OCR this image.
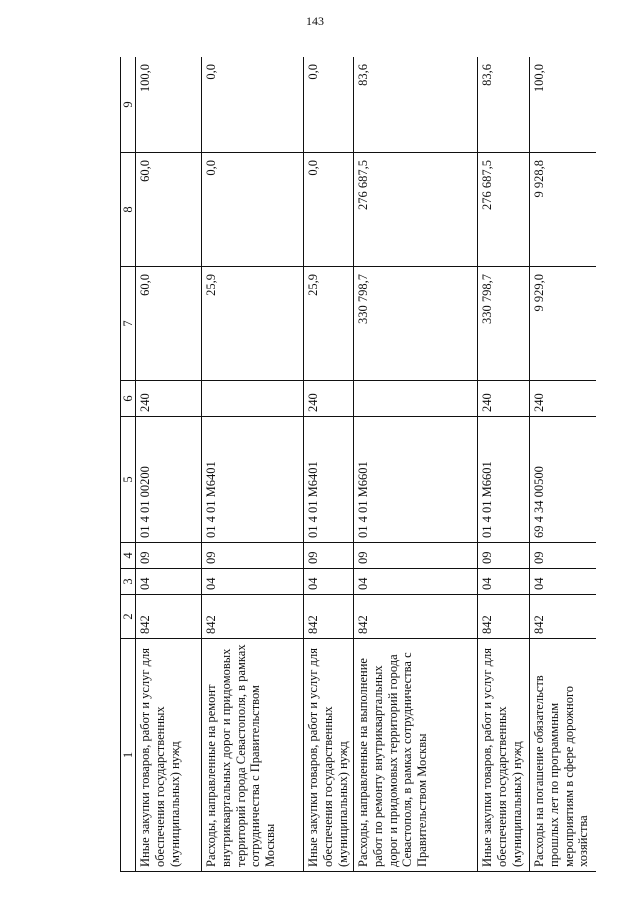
143
1	2	3	4	5	6	7	8	9
Иные закупки товаров, работ и услуг для обеспечения государственных (муниципальных) нужд	842	04	09	01 4 01 00200	240	60,0	60,0	100,0
Расходы, направленные на ремонт внутриквартальных дорог и придомовых территорий города Севастополя, в рамках сотрудничества с Правительством Москвы	842	04	09	01 4 01 M6401		25,9	0,0	0,0
Иные закупки товаров, работ и услуг для обеспечения государственных (муниципальных) нужд	842	04	09	01 4 01 M6401	240	25,9	0,0	0,0
Расходы, направленные на выполнение работ по ремонту внутриквартальных дорог и придомовых территорий города Севастополя, в рамках сотрудничества с Правительством Москвы	842	04	09	01 4 01 M6601		330 798,7	276 687,5	83,6
Иные закупки товаров, работ и услуг для обеспечения государственных (муниципальных) нужд	842	04	09	01 4 01 M6601	240	330 798,7	276 687,5	83,6
Расходы на погашение обязательств прошлых лет по программным мероприятиям в сфере дорожного хозяйства	842	04	09	69 4 34 00500	240	9 929,0	9 928,8	100,0
